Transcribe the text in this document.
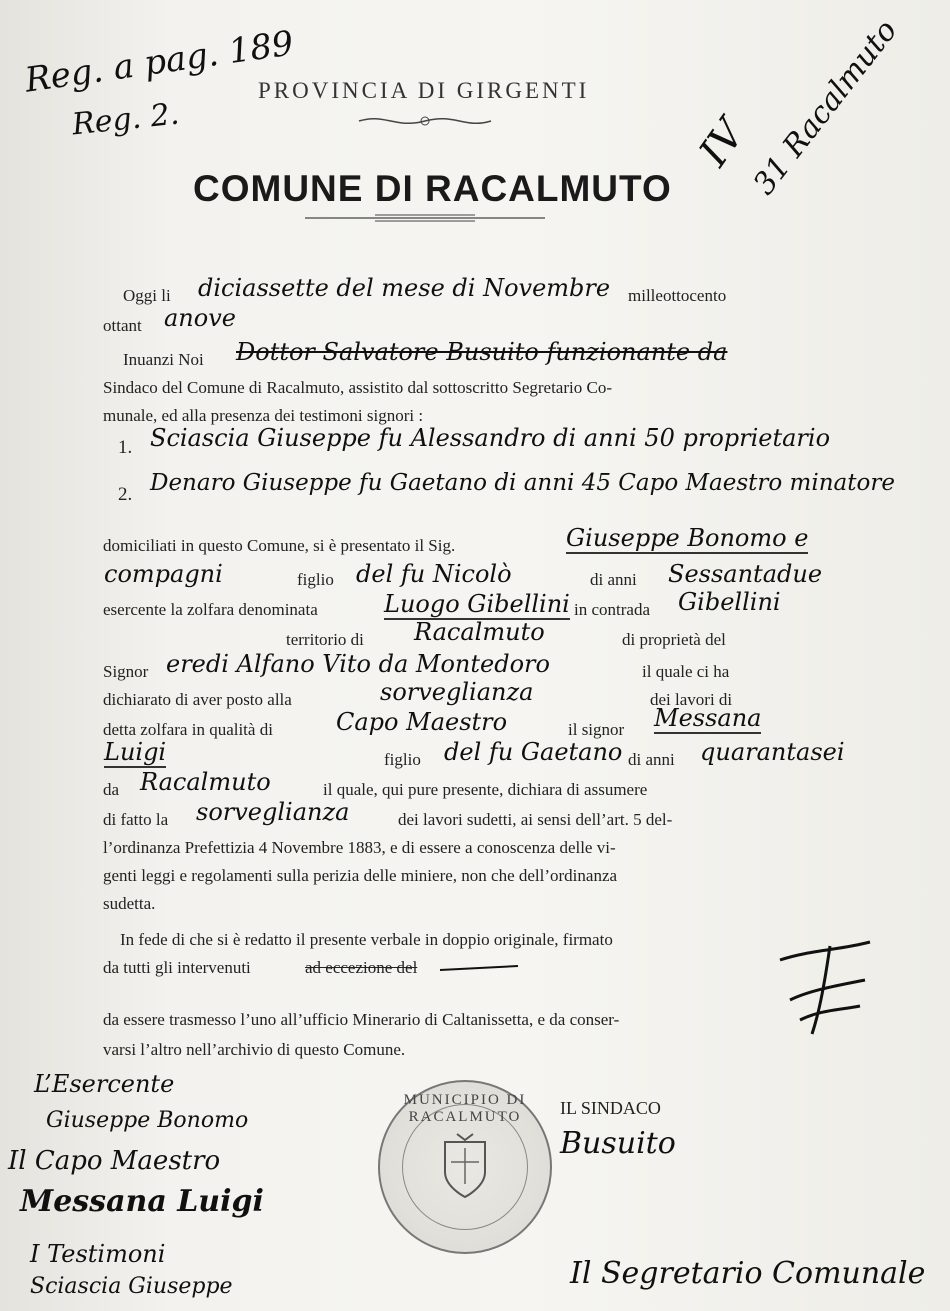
Reg. a pag. 189
Reg. 2.	IV
31 Racalmuto
PROVINCIA DI GIRGENTI
COMUNE DI RACALMUTO
Oggi li diciassette del mese di Novembre milleottocento
ottant anove
Inuanzi Noi Dottor Salvatore Busuito funzionante da
Sindaco del Comune di Racalmuto, assistito dal sottoscritto Segretario Co-
munale, ed alla presenza dei testimoni signori :
1. Sciascia Giuseppe fu Alessandro di anni 50 proprietario
2. Denaro Giuseppe fu Gaetano di anni 45 Capo Maestro minatore
domiciliati in questo Comune, si è presentato il Sig.	Giuseppe Bonomo e
compagni	figlio del fu Nicolò	di anni Sessantadue
esercente la zolfara denominata	Luogo Gibellini in contrada Gibellini
territorio di Racalmuto	di proprietà del
Signor eredi Alfano Vito da Montedoro	il quale ci ha
dichiarato di aver posto alla	sorveglianza	dei lavori di
detta zolfara in qualità di	Capo Maestro	il signor Messana
Luigi	figlio del fu Gaetano di anni quarantasei
da Racalmuto	il quale, qui pure presente, dichiara di assumere
di fatto la sorveglianza	dei lavori sudetti, ai sensi dell’art. 5 del-
l’ordinanza Prefettizia 4 Novembre 1883, e di essere a conoscenza delle vi-
genti leggi e regolamenti sulla perizia delle miniere, non che dell’ordinanza
sudetta.
In fede di che si è redatto il presente verbale in doppio originale, firmato
da tutti gli intervenuti	ad eccezione del
da essere trasmesso l’uno all’ufficio Minerario di Caltanissetta, e da conser-
varsi l’altro nell’archivio di questo Comune.
L’Esercente
Giuseppe Bonomo
Il Capo Maestro
Messana Luigi
I Testimoni
Sciascia Giuseppe
MUNICIPIO DI RACALMUTO	IL SINDACO
Busuito
Il Segretario Comunale
